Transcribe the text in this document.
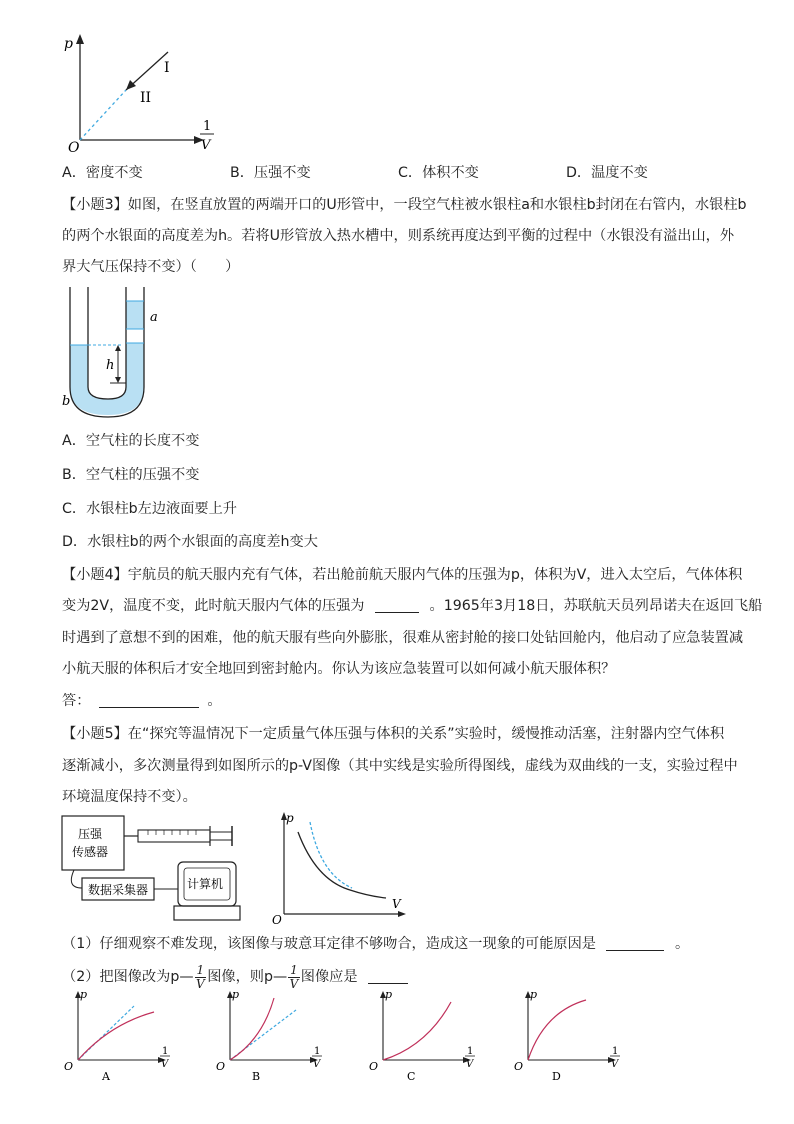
p
O
I
II
1
V
A．密度不变	B．压强不变	C．体积不变	D．温度不变
【小题3】如图，在竖直放置的两端开口的U形管中，一段空气柱被水银柱a和水银柱b封闭在右管内，水银柱b
的两个水银面的高度差为h。若将U形管放入热水槽中，则系统再度达到平衡的过程中（水银没有溢出山，外
界大气压保持不变）（　　）
h
a
b
A．空气柱的长度不变
B．空气柱的压强不变
C．水银柱b左边液面要上升
D．水银柱b的两个水银面的高度差h变大
【小题4】宇航员的航天服内充有气体，若出舱前航天服内气体的压强为p，体积为V，进入太空后，气体体积
变为2V，温度不变，此时航天服内气体的压强为	。1965年3月18日，苏联航天员列昂诺夫在返回飞船
时遇到了意想不到的困难，他的航天服有些向外膨胀，很难从密封舱的接口处钻回舱内，他启动了应急装置减
小航天服的体积后才安全地回到密封舱内。你认为该应急装置可以如何减小航天服体积？
答：	。
【小题5】在“探究等温情况下一定质量气体压强与体积的关系”实验时，缓慢推动活塞，注射器内空气体积
逐渐减小，多次测量得到如图所示的p-V图像（其中实线是实验所得图线，虚线为双曲线的一支，实验过程中
环境温度保持不变）。
压强
传感器
数据采集器	计算机
p
V
O
（1）仔细观察不难发现，该图像与玻意耳定律不够吻合，造成这一现象的可能原因是	。
（2）把图像改为p— $\frac{1}{V}$ 图像，则p— $\frac{1}{V}$ 图像应是
p
O
1
V
A
p
O
1
V
B
p
O
1
V
C
p
O
1
V
D
